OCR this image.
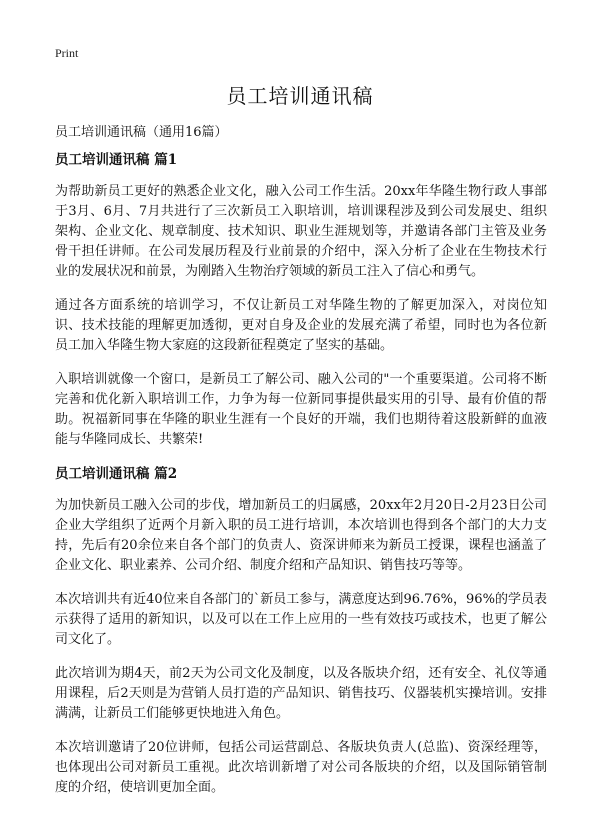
Print
员工培训通讯稿

员工培训通讯稿（通用16篇）

员工培训通讯稿 篇1

为帮助新员工更好的熟悉企业文化，融入公司工作生活。20xx年华隆生物行政人事部于3月、6月、7月共进行了三次新员工入职培训，培训课程涉及到公司发展史、组织架构、企业文化、规章制度、技术知识、职业生涯规划等，并邀请各部门主管及业务骨干担任讲师。在公司发展历程及行业前景的介绍中，深入分析了企业在生物技术行业的发展状况和前景，为刚踏入生物治疗领域的新员工注入了信心和勇气。

通过各方面系统的培训学习，不仅让新员工对华隆生物的了解更加深入，对岗位知识、技术技能的理解更加透彻，更对自身及企业的发展充满了希望，同时也为各位新员工加入华隆生物大家庭的这段新征程奠定了坚实的基础。

入职培训就像一个窗口，是新员工了解公司、融入公司的"一个重要渠道。公司将不断完善和优化新入职培训工作，力争为每一位新同事提供最实用的引导、最有价值的帮助。祝福新同事在华隆的职业生涯有一个良好的开端，我们也期待着这股新鲜的血液能与华隆同成长、共繁荣!

员工培训通讯稿 篇2

为加快新员工融入公司的步伐，增加新员工的归属感，20xx年2月20日-2月23日公司企业大学组织了近两个月新入职的员工进行培训，本次培训也得到各个部门的大力支持，先后有20余位来自各个部门的负责人、资深讲师来为新员工授课，课程也涵盖了企业文化、职业素养、公司介绍、制度介绍和产品知识、销售技巧等等。

本次培训共有近40位来自各部门的`新员工参与，满意度达到96.76%，96%的学员表示获得了适用的新知识，以及可以在工作上应用的一些有效技巧或技术，也更了解公司文化了。

此次培训为期4天，前2天为公司文化及制度，以及各版块介绍，还有安全、礼仪等通用课程，后2天则是为营销人员打造的产品知识、销售技巧、仪器装机实操培训。安排满满，让新员工们能够更快地进入角色。

本次培训邀请了20位讲师，包括公司运营副总、各版块负责人(总监)、资深经理等，也体现出公司对新员工重视。此次培训新增了对公司各版块的介绍，以及国际销管制度的介绍，使培训更加全面。
